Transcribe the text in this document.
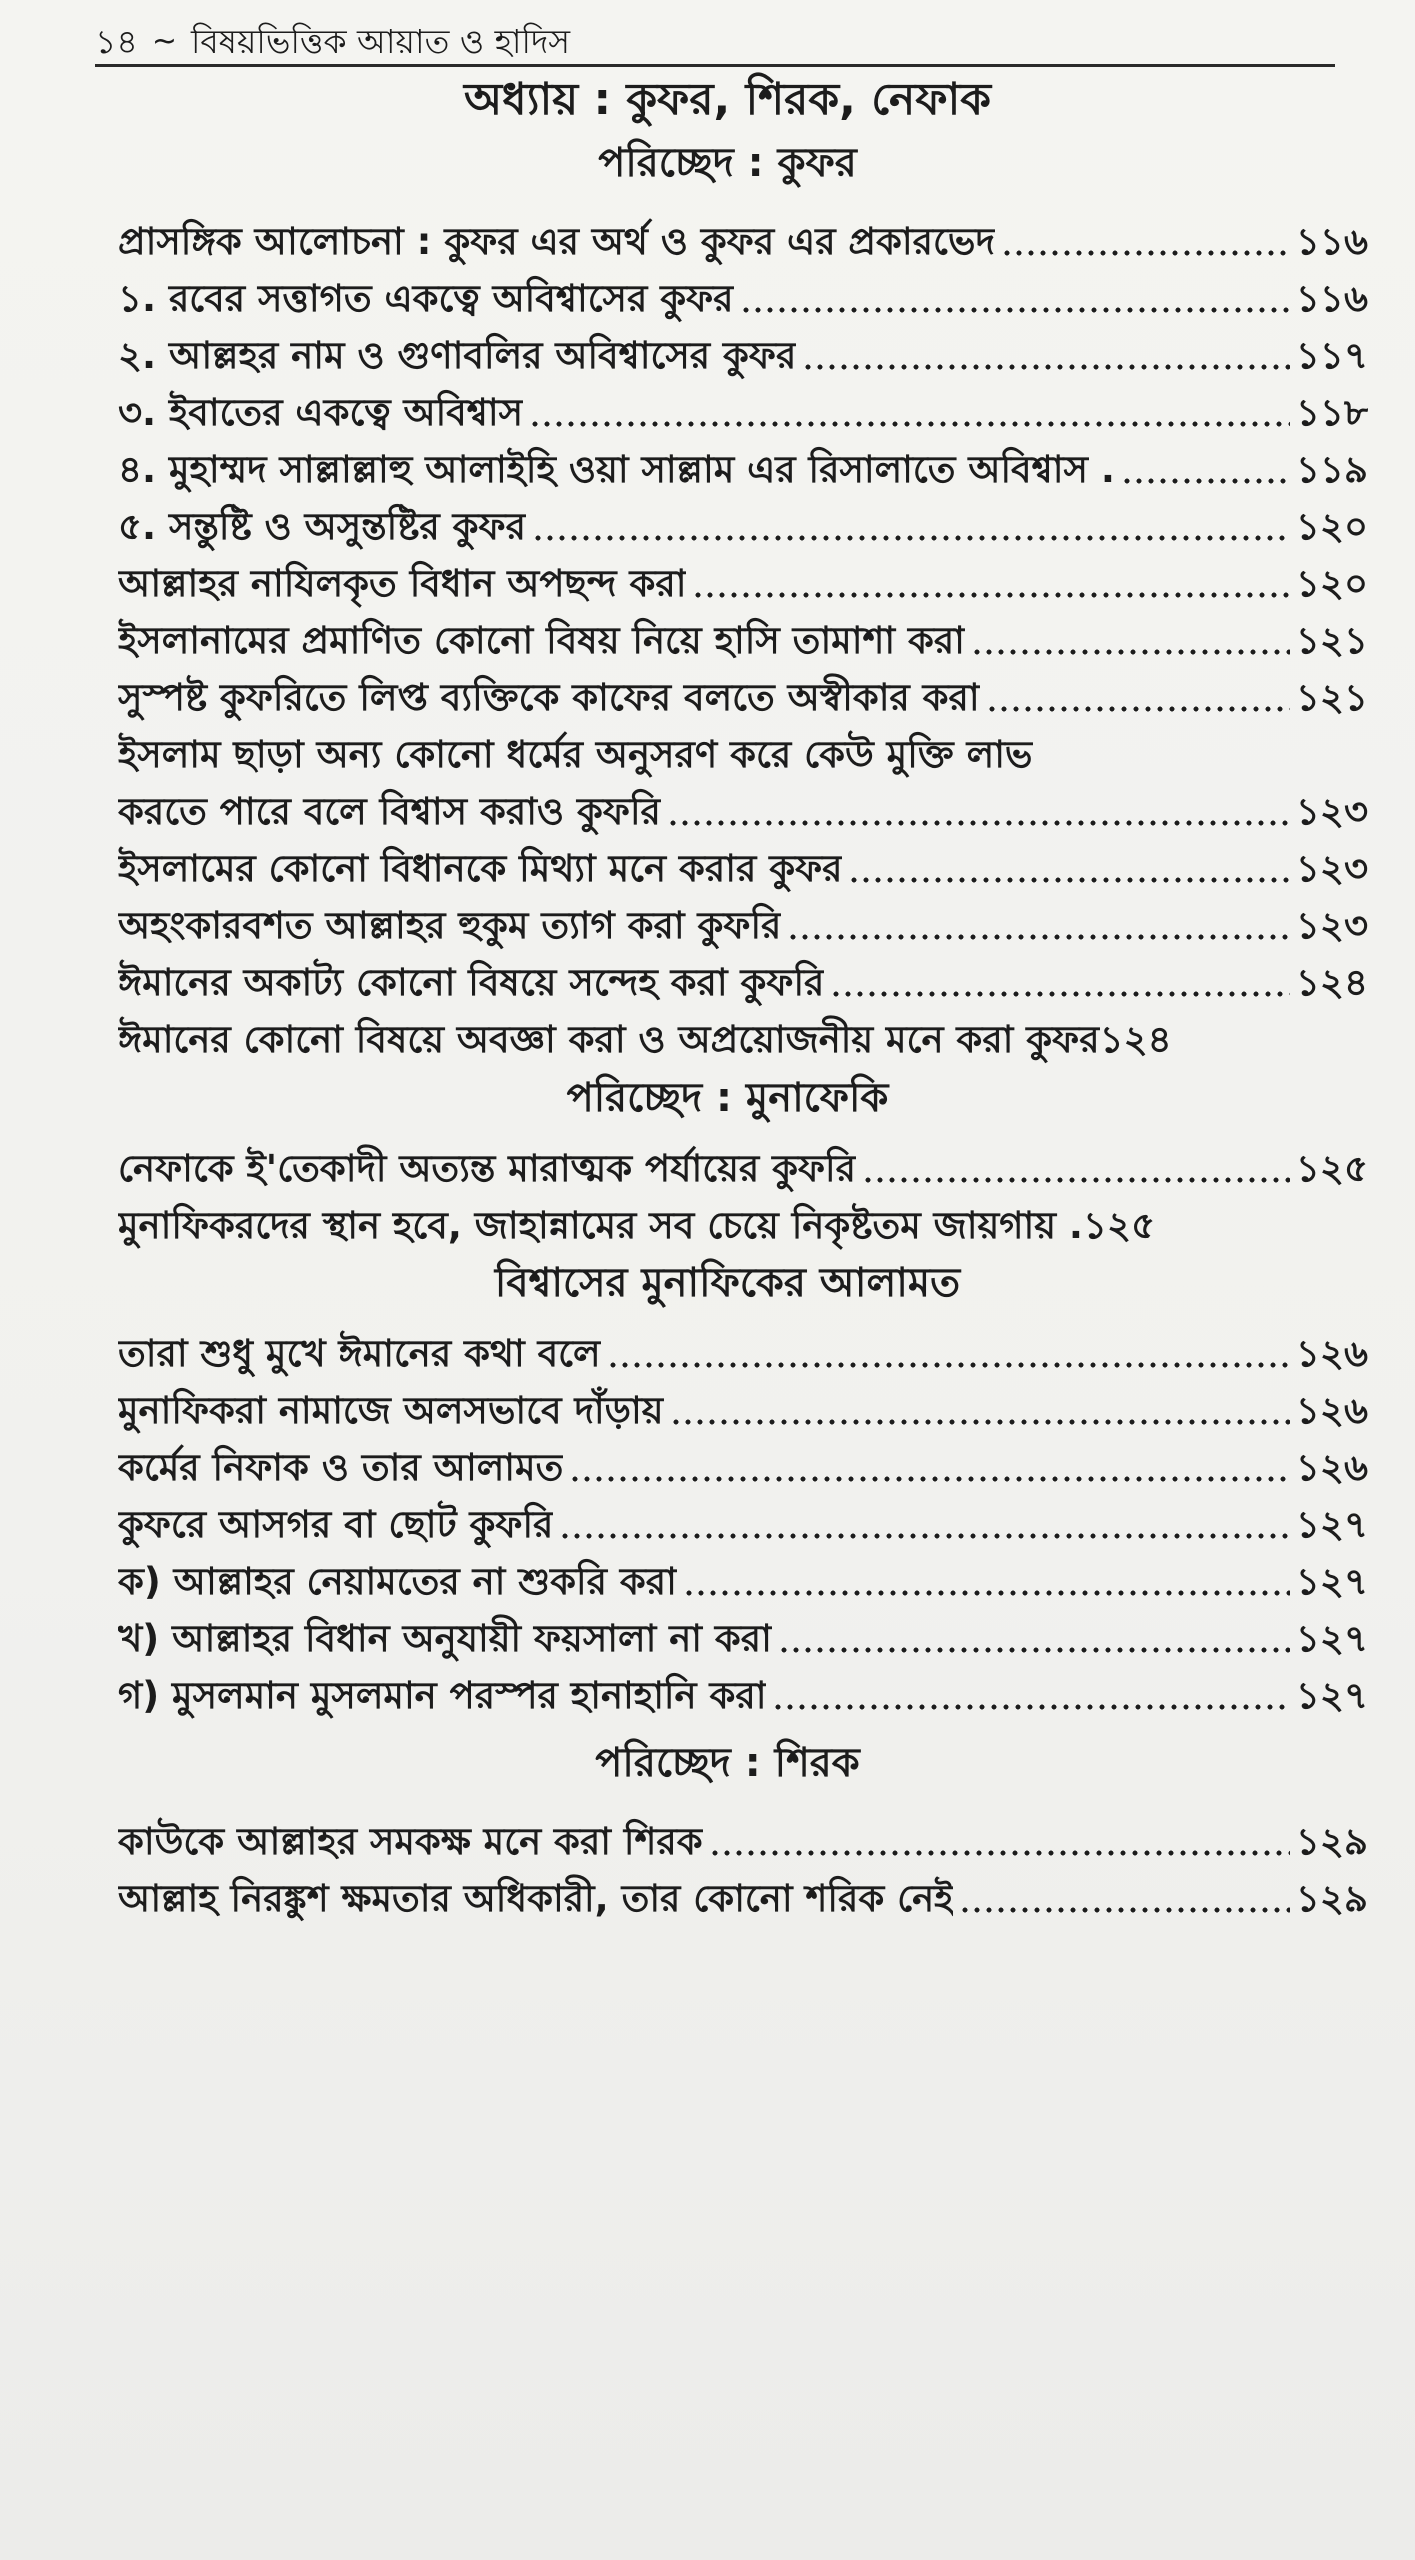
১৪ ~ বিষয়ভিত্তিক আয়াত ও হাদিস
অধ্যায় : কুফর, শিরক, নেফাক
পরিচ্ছেদ : কুফর
প্রাসঙ্গিক আলোচনা : কুফর এর অর্থ ও কুফর এর প্রকারভেদ	১১৬
১. রবের সত্তাগত একত্বে অবিশ্বাসের কুফর	১১৬
২. আল্লহর নাম ও গুণাবলির অবিশ্বাসের কুফর	১১৭
৩. ইবাতের একত্বে অবিশ্বাস	১১৮
৪. মুহাম্মদ সাল্লাল্লাহু আলাইহি ওয়া সাল্লাম এর রিসালাতে অবিশ্বাস .	১১৯
৫. সন্তুষ্টি ও অসুন্তষ্টির কুফর	১২০
আল্লাহর নাযিলকৃত বিধান অপছন্দ করা	১২০
ইসলানামের প্রমাণিত কোনো বিষয় নিয়ে হাসি তামাশা করা	১২১
সুস্পষ্ট কুফরিতে লিপ্ত ব্যক্তিকে কাফের বলতে অস্বীকার করা	১২১
ইসলাম ছাড়া অন্য কোনো ধর্মের অনুসরণ করে কেউ মুক্তি লাভ
করতে পারে বলে বিশ্বাস করাও কুফরি	১২৩
ইসলামের কোনো বিধানকে মিথ্যা মনে করার কুফর	১২৩
অহংকারবশত আল্লাহর হুকুম ত্যাগ করা কুফরি	১২৩
ঈমানের অকাট্য কোনো বিষয়ে সন্দেহ করা কুফরি	১২৪
ঈমানের কোনো বিষয়ে অবজ্ঞা করা ও অপ্রয়োজনীয় মনে করা কুফর ১২৪
পরিচ্ছেদ : মুনাফেকি
নেফাকে ই'তেকাদী অত্যন্ত মারাত্মক পর্যায়ের কুফরি	১২৫
মুনাফিকরদের স্থান হবে, জাহান্নামের সব চেয়ে নিকৃষ্টতম জায়গায় . ১২৫
বিশ্বাসের মুনাফিকের আলামত
তারা শুধু মুখে ঈমানের কথা বলে	১২৬
মুনাফিকরা নামাজে অলসভাবে দাঁড়ায়	১২৬
কর্মের নিফাক ও তার আলামত	১২৬
কুফরে আসগর বা ছোট কুফরি	১২৭
ক) আল্লাহর নেয়ামতের না শুকরি করা	১২৭
খ) আল্লাহর বিধান অনুযায়ী ফয়সালা না করা	১২৭
গ) মুসলমান মুসলমান পরস্পর হানাহানি করা	১২৭
পরিচ্ছেদ : শিরক
কাউকে আল্লাহর সমকক্ষ মনে করা শিরক	১২৯
আল্লাহ নিরঙ্কুশ ক্ষমতার অধিকারী, তার কোনো শরিক নেই	১২৯
